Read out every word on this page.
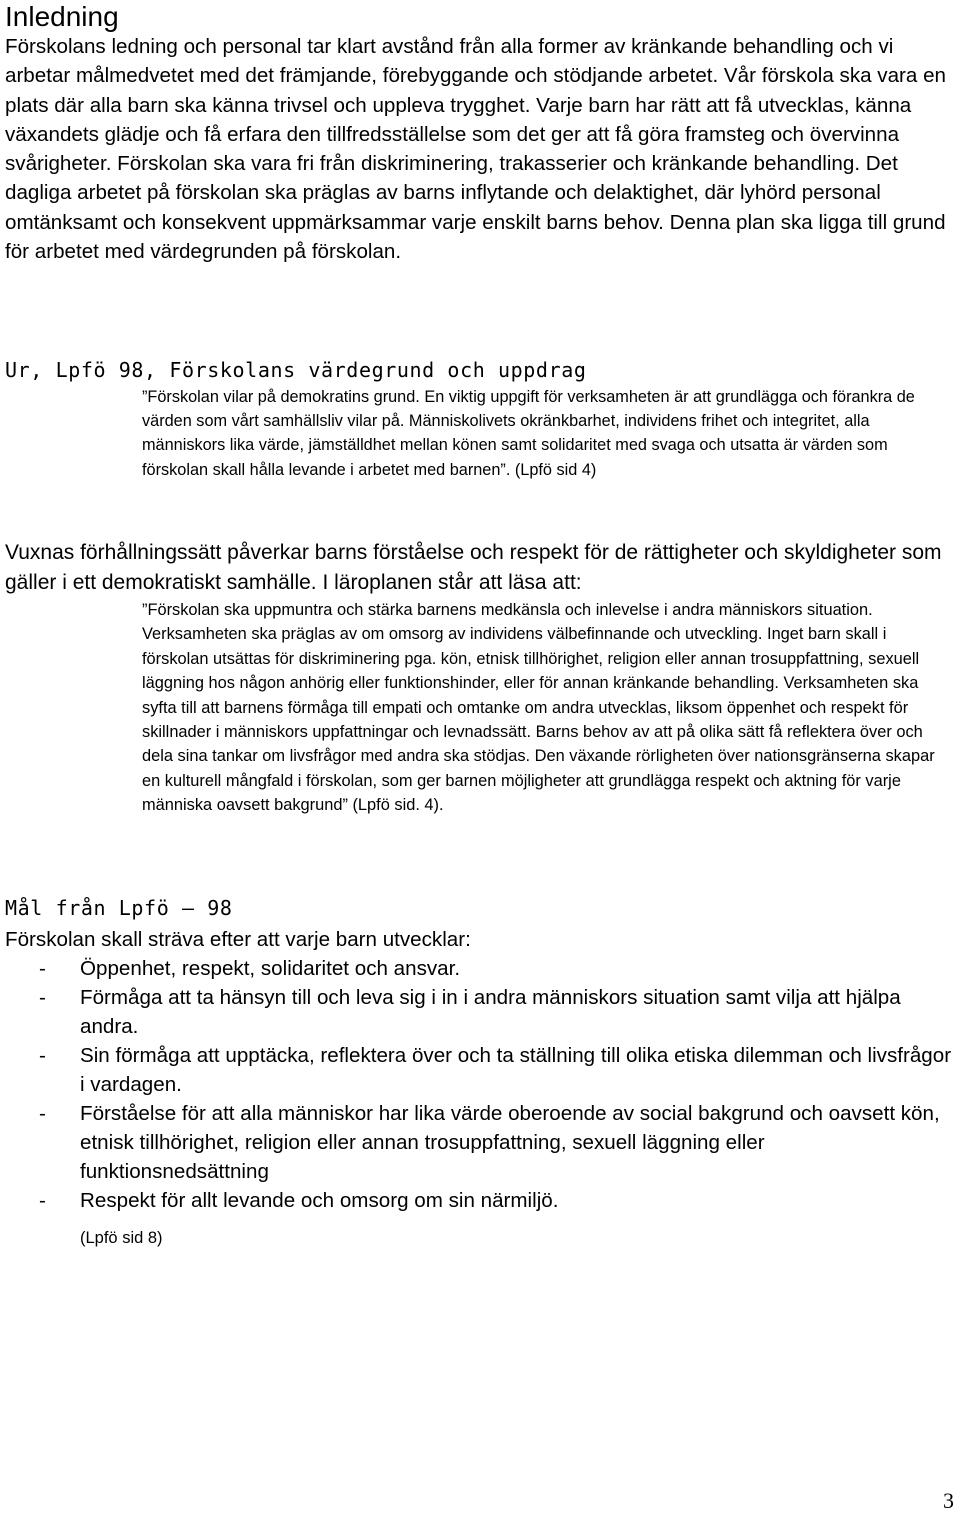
Inledning
Förskolans ledning och personal tar klart avstånd från alla former av kränkande behandling och vi arbetar målmedvetet med det främjande, förebyggande och stödjande arbetet. Vår förskola ska vara en plats där alla barn ska känna trivsel och uppleva trygghet. Varje barn har rätt att få utvecklas, känna växandets glädje och få erfara den tillfredsställelse som det ger att få göra framsteg och övervinna svårigheter. Förskolan ska vara fri från diskriminering, trakasserier och kränkande behandling. Det dagliga arbetet på förskolan ska präglas av barns inflytande och delaktighet, där lyhörd personal omtänksamt och konsekvent uppmärksammar varje enskilt barns behov. Denna plan ska ligga till grund för arbetet med värdegrunden på förskolan.
Vuxnas förhållningssätt påverkar barns förståelse och respekt för de rättigheter och skyldigheter som gäller i ett demokratiskt samhälle. I läroplanen står att läsa att:
Mål från Lpfö – 98
Förskolan skall sträva efter att varje barn utvecklar:
- Öppenhet, respekt, solidaritet och ansvar.
- Förmåga att ta hänsyn till och leva sig i in i andra människors situation samt vilja att hjälpa andra.
- Sin förmåga att upptäcka, reflektera över och ta ställning till olika etiska dilemman och livsfrågor i vardagen.
- Förståelse för att alla människor har lika värde oberoende av social bakgrund och oavsett kön, etnisk tillhörighet, religion eller annan trosuppfattning, sexuell läggning eller funktionsnedsättning
- Respekt för allt levande och omsorg om sin närmiljö.
(Lpfö sid 8)
Ur, Lpfö 98, Förskolans värdegrund och uppdrag
”Förskolan vilar på demokratins grund. En viktig uppgift för verksamheten är att grundlägga och förankra de värden som vårt samhällsliv vilar på. Människolivets okränkbarhet, individens frihet och integritet, alla människors lika värde, jämställdhet mellan könen samt solidaritet med svaga och utsatta är värden som förskolan skall hålla levande i arbetet med barnen”. (Lpfö sid 4)
”Förskolan ska uppmuntra och stärka barnens medkänsla och inlevelse i andra människors situation. Verksamheten ska präglas av om omsorg av individens välbefinnande och utveckling. Inget barn skall i förskolan utsättas för diskriminering pga. kön, etnisk tillhörighet, religion eller annan trosuppfattning, sexuell läggning hos någon anhörig eller funktionshinder, eller för annan kränkande behandling. Verksamheten ska syfta till att barnens förmåga till empati och omtanke om andra utvecklas, liksom öppenhet och respekt för skillnader i människors uppfattningar och levnadssätt. Barns behov av att på olika sätt få reflektera över och dela sina tankar om livsfrågor med andra ska stödjas. Den växande rörligheten över nationsgränserna skapar en kulturell mångfald i förskolan, som ger barnen möjligheter att grundlägga respekt och aktning för varje människa oavsett bakgrund” (Lpfö sid. 4).
3
